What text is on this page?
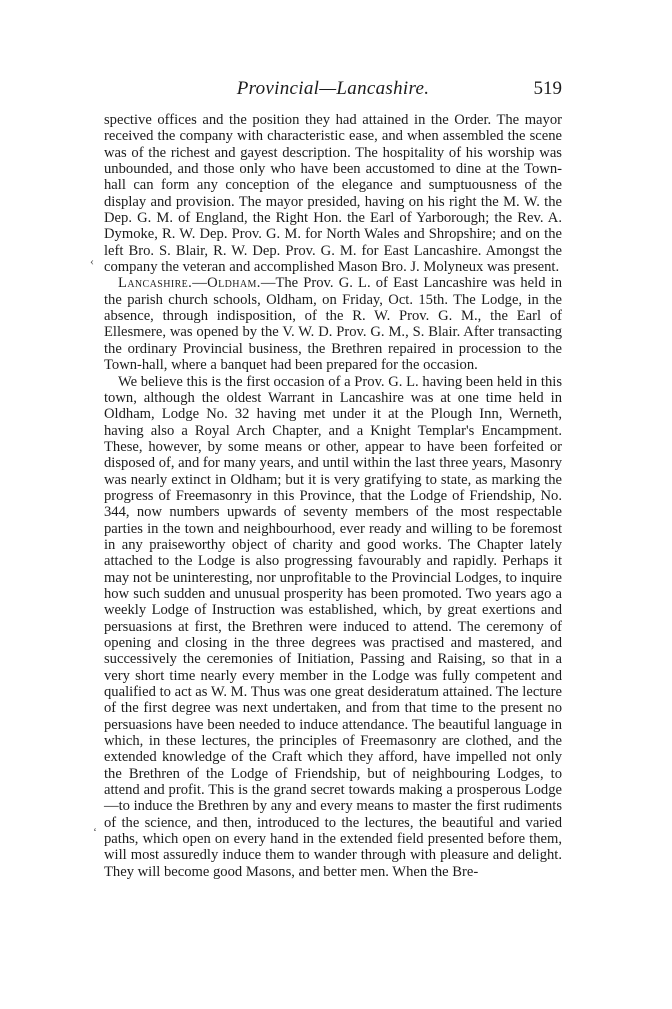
Provincial—Lancashire.	519

spective offices and the position they had attained in the Order. The mayor received the company with characteristic ease, and when assembled the scene was of the richest and gayest description. The hospitality of his worship was unbounded, and those only who have been accustomed to dine at the Town-hall can form any conception of the elegance and sumptuousness of the display and provision. The mayor presided, having on his right the M. W. the Dep. G. M. of England, the Right Hon. the Earl of Yarborough; the Rev. A. Dymoke, R. W. Dep. Prov. G. M. for North Wales and Shropshire; and on the left Bro. S. Blair, R. W. Dep. Prov. G. M. for East Lancashire. Amongst the company the veteran and accomplished Mason Bro. J. Molyneux was present.

Lancashire.—Oldham.—The Prov. G. L. of East Lancashire was held in the parish church schools, Oldham, on Friday, Oct. 15th. The Lodge, in the absence, through indisposition, of the R. W. Prov. G. M., the Earl of Ellesmere, was opened by the V. W. D. Prov. G. M., S. Blair. After transacting the ordinary Provincial business, the Brethren repaired in procession to the Town-hall, where a banquet had been prepared for the occasion.

We believe this is the first occasion of a Prov. G. L. having been held in this town, although the oldest Warrant in Lancashire was at one time held in Oldham, Lodge No. 32 having met under it at the Plough Inn, Werneth, having also a Royal Arch Chapter, and a Knight Templar's Encampment. These, however, by some means or other, appear to have been forfeited or disposed of, and for many years, and until within the last three years, Masonry was nearly extinct in Oldham; but it is very gratifying to state, as marking the progress of Freemasonry in this Province, that the Lodge of Friendship, No. 344, now numbers upwards of seventy members of the most respectable parties in the town and neighbourhood, ever ready and willing to be foremost in any praiseworthy object of charity and good works. The Chapter lately attached to the Lodge is also progressing favourably and rapidly. Perhaps it may not be uninteresting, nor unprofitable to the Provincial Lodges, to inquire how such sudden and unusual prosperity has been promoted. Two years ago a weekly Lodge of Instruction was established, which, by great exertions and persuasions at first, the Brethren were induced to attend. The ceremony of opening and closing in the three degrees was practised and mastered, and successively the ceremonies of Initiation, Passing and Raising, so that in a very short time nearly every member in the Lodge was fully competent and qualified to act as W. M. Thus was one great desideratum attained. The lecture of the first degree was next undertaken, and from that time to the present no persuasions have been needed to induce attendance. The beautiful language in which, in these lectures, the principles of Freemasonry are clothed, and the extended knowledge of the Craft which they afford, have impelled not only the Brethren of the Lodge of Friendship, but of neighbouring Lodges, to attend and profit. This is the grand secret towards making a prosperous Lodge—to induce the Brethren by any and every means to master the first rudiments of the science, and then, introduced to the lectures, the beautiful and varied paths, which open on every hand in the extended field presented before them, will most assuredly induce them to wander through with pleasure and delight. They will become good Masons, and better men. When the Bre-

‹
‘
